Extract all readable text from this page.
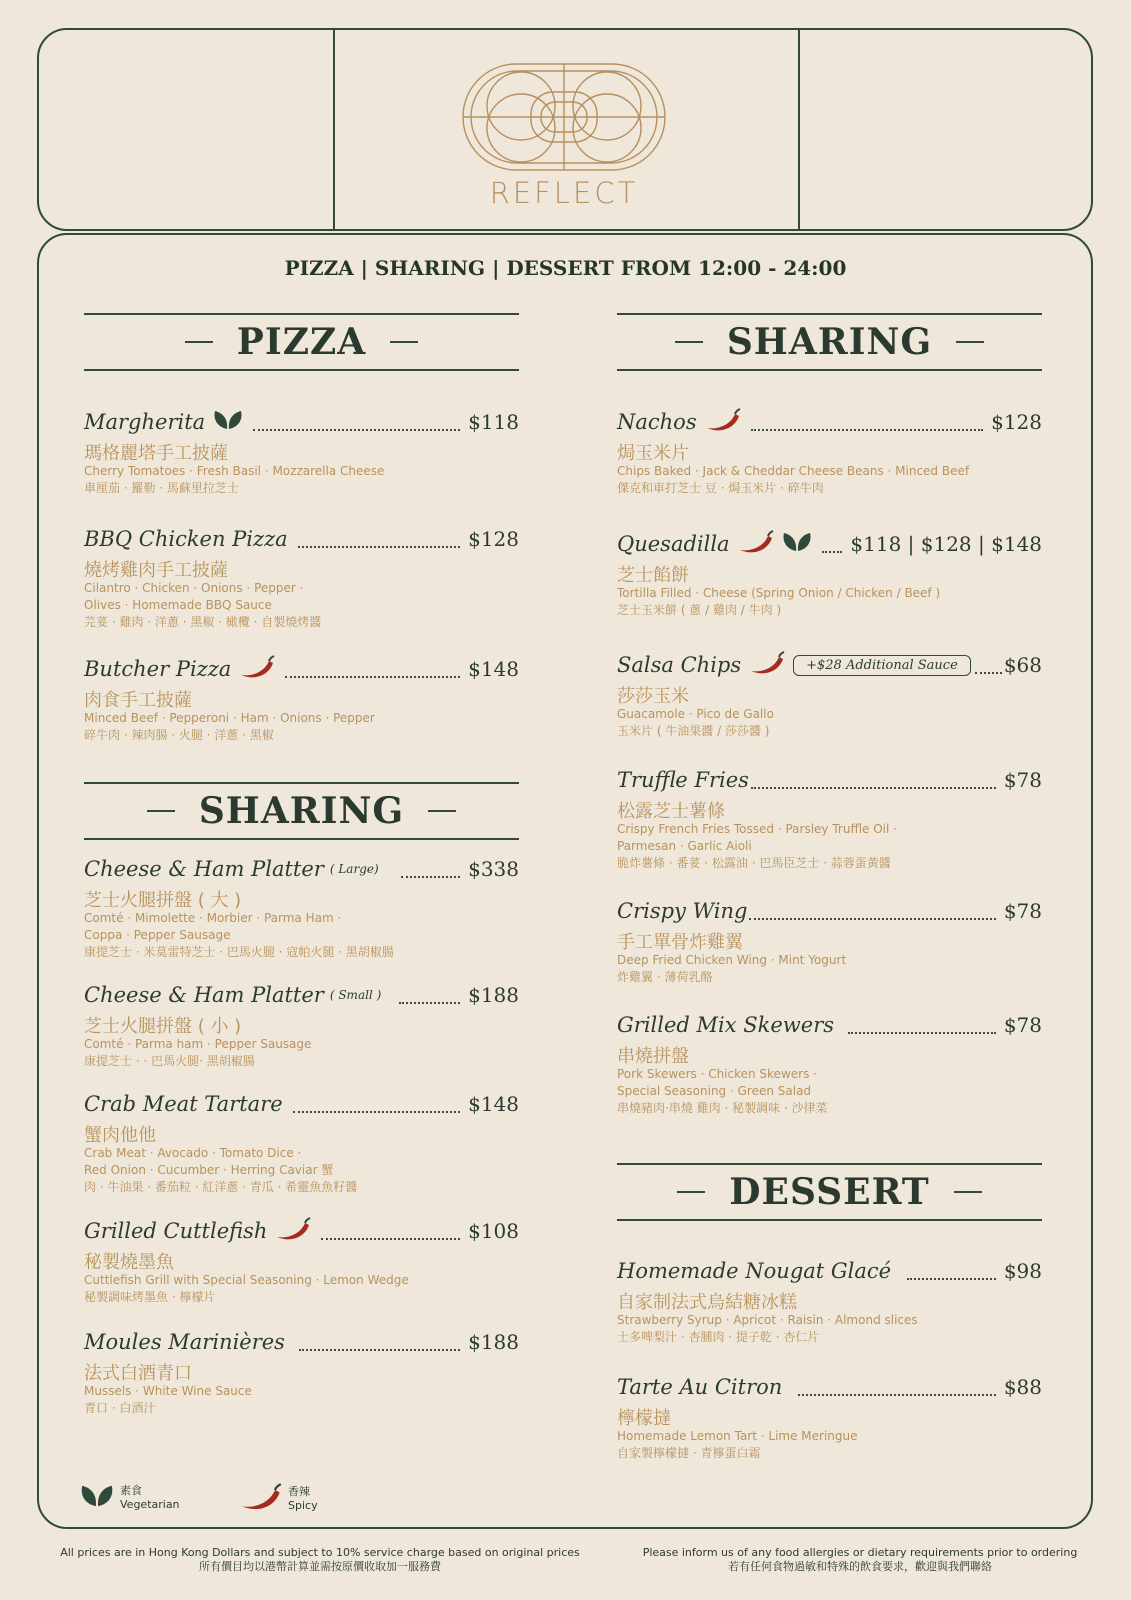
REFLECT
PIZZA | SHARING | DESSERT FROM 12:00 - 24:00
PIZZA	SHARING
Margherita	$118
瑪格麗塔手工披薩
Cherry Tomatoes · Fresh Basil · Mozzarella Cheese
車厘茄 · 羅勒 · 馬蘇里拉芝士
BBQ Chicken Pizza	$128
燒烤雞肉手工披薩
Cilantro · Chicken · Onions · Pepper ·
Olives · Homemade BBQ Sauce
芫荽 · 雞肉 · 洋蔥 · 黑椒 · 橄欖 · 自製燒烤醬
Butcher Pizza	$148
肉食手工披薩
Minced Beef · Pepperoni · Ham · Onions · Pepper
碎牛肉 · 辣肉腸 · 火腿 · 洋蔥 · 黑椒
SHARING
Cheese & Ham Platter ( Large)	$338
芝士火腿拼盤 ( 大 )
Comté · Mimolette · Morbier · Parma Ham ·
Coppa · Pepper Sausage
康提芝士 · 米莫雷特芝士 · 巴馬火腿 · 寇帕火腿 · 黑胡椒腸
Cheese & Ham Platter ( Small )	$188
芝士火腿拼盤 ( 小 )
Comté · Parma ham · Pepper Sausage
康提芝士 · · 巴馬火腿· 黑胡椒腸
Crab Meat Tartare	$148
蟹肉他他
Crab Meat · Avocado · Tomato Dice ·
Red Onion · Cucumber · Herring Caviar 蟹
肉 · 牛油果 · 番茄粒 · 紅洋蔥 · 青瓜 · 希靈魚魚籽醬
Grilled Cuttlefish	$108
秘製燒墨魚
Cuttlefish Grill with Special Seasoning · Lemon Wedge
秘製調味烤墨魚 · 檸檬片
Moules Marinières	$188
法式白酒青口
Mussels · White Wine Sauce
青口 · 白酒汁
Nachos	$128
焗玉米片
Chips Baked · Jack & Cheddar Cheese Beans · Minced Beef
傑克和車打芝士 豆 · 焗玉米片 · 碎牛肉
Quesadilla	$118 | $128 | $148
芝士餡餅
Tortilla Filled · Cheese (Spring Onion / Chicken / Beef )
芝士玉米餅 ( 蔥 / 雞肉 / 牛肉 )
Salsa Chips	+$28 Additional Sauce	$68
莎莎玉米
Guacamole · Pico de Gallo
玉米片 ( 牛油果醬 / 莎莎醬 )
Truffle Fries	$78
松露芝士薯條
Crispy French Fries Tossed · Parsley Truffle Oil ·
Parmesan · Garlic Aioli
脆炸薯條 · 番荽 · 松露油 · 巴馬臣芝士 · 蒜蓉蛋黃醬
Crispy Wing	$78
手工單骨炸雞翼
Deep Fried Chicken Wing · Mint Yogurt
炸雞翼 · 薄荷乳酪
Grilled Mix Skewers	$78
串燒拼盤
Pork Skewers · Chicken Skewers ·
Special Seasoning · Green Salad
串燒豬肉·串燒 雞肉 · 秘製調味 · 沙律菜
DESSERT
Homemade Nougat Glacé	$98
自家制法式烏結糖冰糕
Strawberry Syrup · Apricot · Raisin · Almond slices
士多啤梨汁 · 杏脯肉 · 提子乾 · 杏仁片
Tarte Au Citron	$88
檸檬撻
Homemade Lemon Tart · Lime Meringue
自家製檸檬撻 · 青檸蛋白霜
素食
Vegetarian
香辣
Spicy
All prices are in Hong Kong Dollars and subject to 10% service charge based on original prices
所有價目均以港幣計算並需按原價收取加一服務費
Please inform us of any food allergies or dietary requirements prior to ordering
若有任何食物過敏和特殊的飲食要求，歡迎與我們聯絡
